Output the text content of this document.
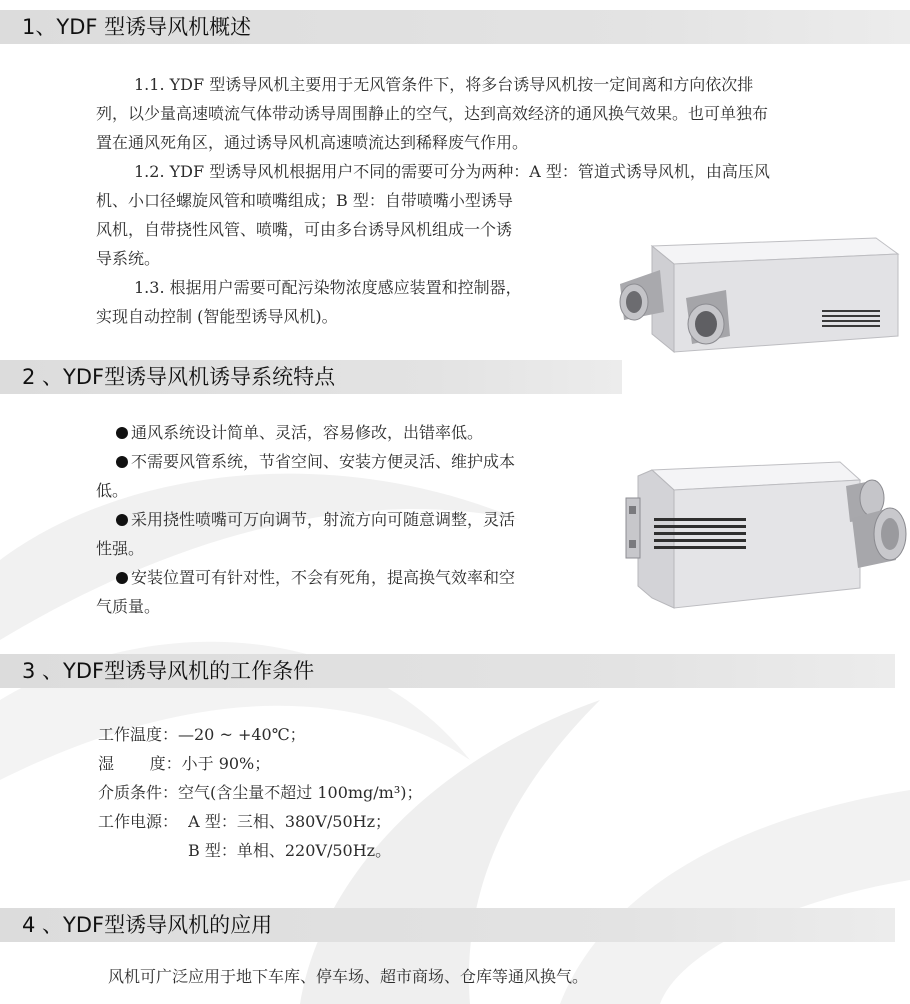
1、YDF 型诱导风机概述
1.1. YDF 型诱导风机主要用于无风管条件下，将多台诱导风机按一定间离和方向依次排
列，以少量高速喷流气体带动诱导周围静止的空气，达到高效经济的通风换气效果。也可单独布
置在通风死角区，通过诱导风机高速喷流达到稀释废气作用。
1.2. YDF 型诱导风机根据用户不同的需要可分为两种：A 型：管道式诱导风机，由高压风
机、小口径螺旋风管和喷嘴组成；B 型：自带喷嘴小型诱导
风机，自带挠性风管、喷嘴，可由多台诱导风机组成一个诱
导系统。
1.3. 根据用户需要可配污染物浓度感应装置和控制器，
实现自动控制 (智能型诱导风机)。
2 、YDF型诱导风机诱导系统特点
通风系统设计简单、灵活，容易修改，出错率低。
不需要风管系统，节省空间、安装方便灵活、维护成本
低。
采用挠性喷嘴可万向调节，射流方向可随意调整，灵活
性强。
安装位置可有针对性，不会有死角，提高换气效率和空
气质量。
3 、YDF型诱导风机的工作条件
工作温度：—20 ~ +40℃；
湿       度：小于 90%；
介质条件：空气(含尘量不超过 100mg/m³)；
工作电源：  A 型：三相、380V/50Hz；
B 型：单相、220V/50Hz。
4 、YDF型诱导风机的应用
风机可广泛应用于地下车库、停车场、超市商场、仓库等通风换气。
